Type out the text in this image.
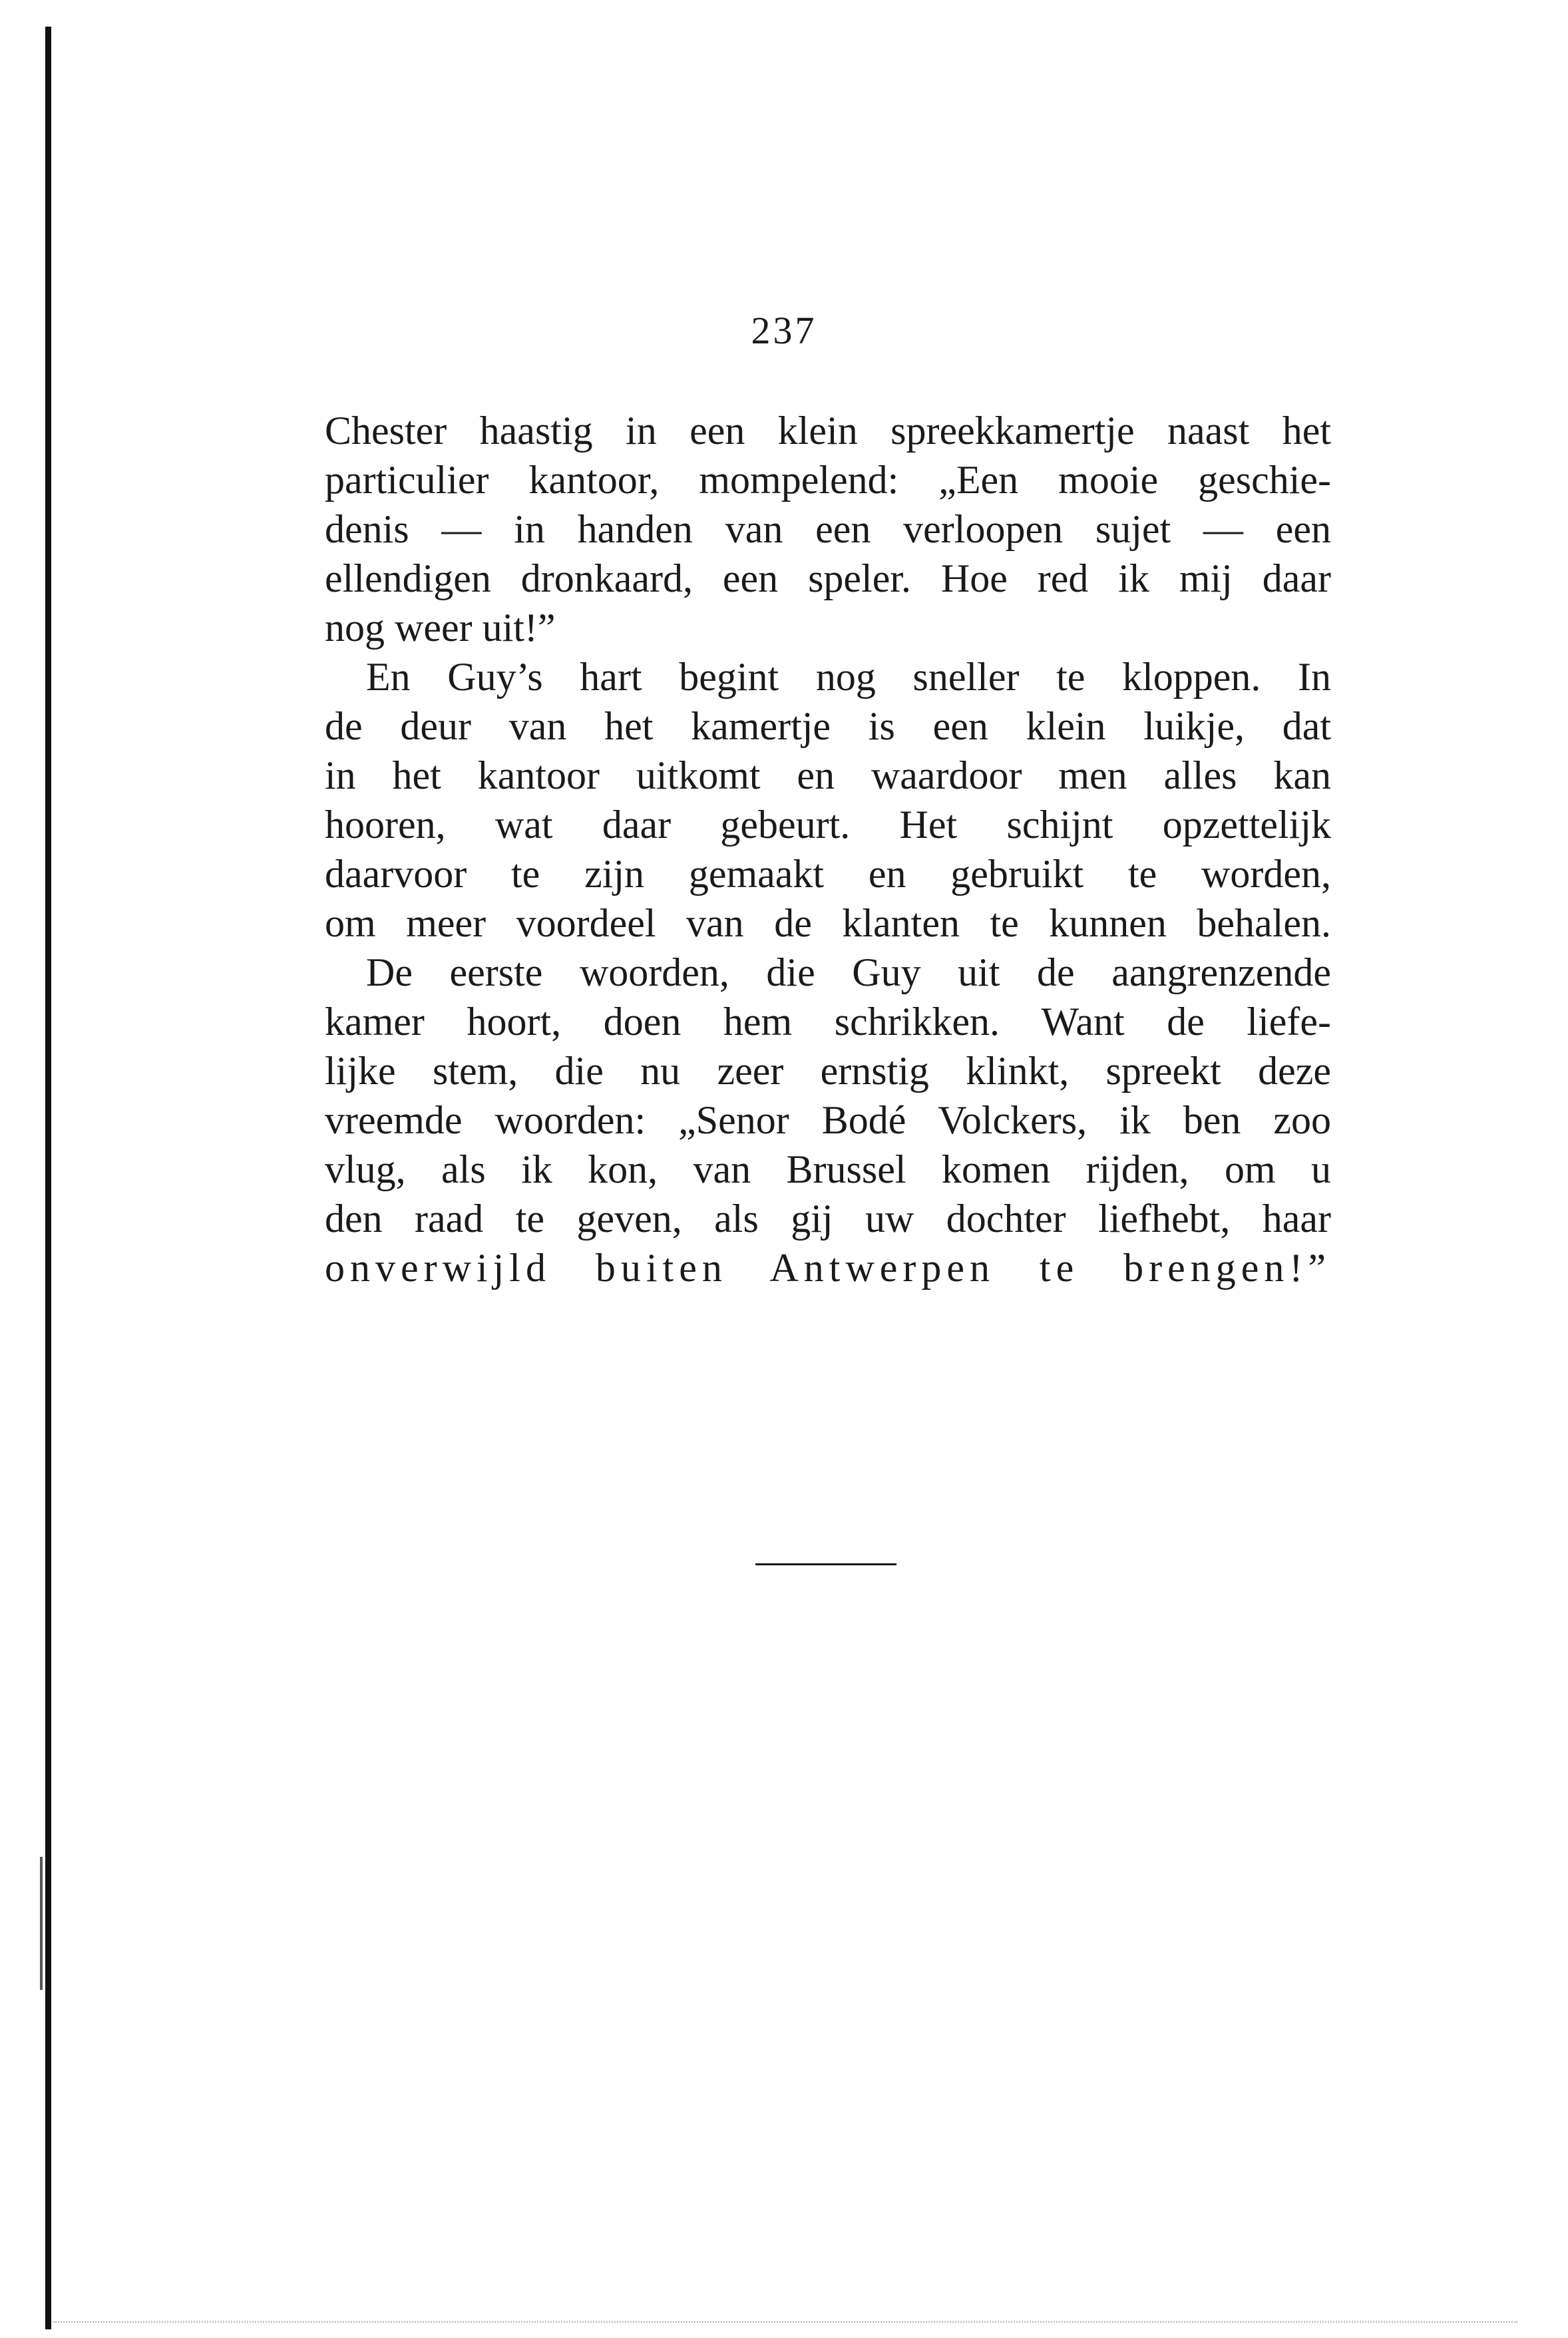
237
Chester haastig in een klein spreekkamertje naast het
particulier kantoor, mompelend: „Een mooie geschie-
denis — in handen van een verloopen sujet — een
ellendigen dronkaard, een speler. Hoe red ik mij daar
nog weer uit!”
En Guy’s hart begint nog sneller te kloppen. In
de deur van het kamertje is een klein luikje, dat
in het kantoor uitkomt en waardoor men alles kan
hooren, wat daar gebeurt. Het schijnt opzettelijk
daarvoor te zijn gemaakt en gebruikt te worden,
om meer voordeel van de klanten te kunnen behalen.
De eerste woorden, die Guy uit de aangrenzende
kamer hoort, doen hem schrikken. Want de liefe-
lijke stem, die nu zeer ernstig klinkt, spreekt deze
vreemde woorden: „Senor Bodé Volckers, ik ben zoo
vlug, als ik kon, van Brussel komen rijden, om u
den raad te geven, als gij uw dochter liefhebt, haar
onverwijld buiten Antwerpen te brengen!”
